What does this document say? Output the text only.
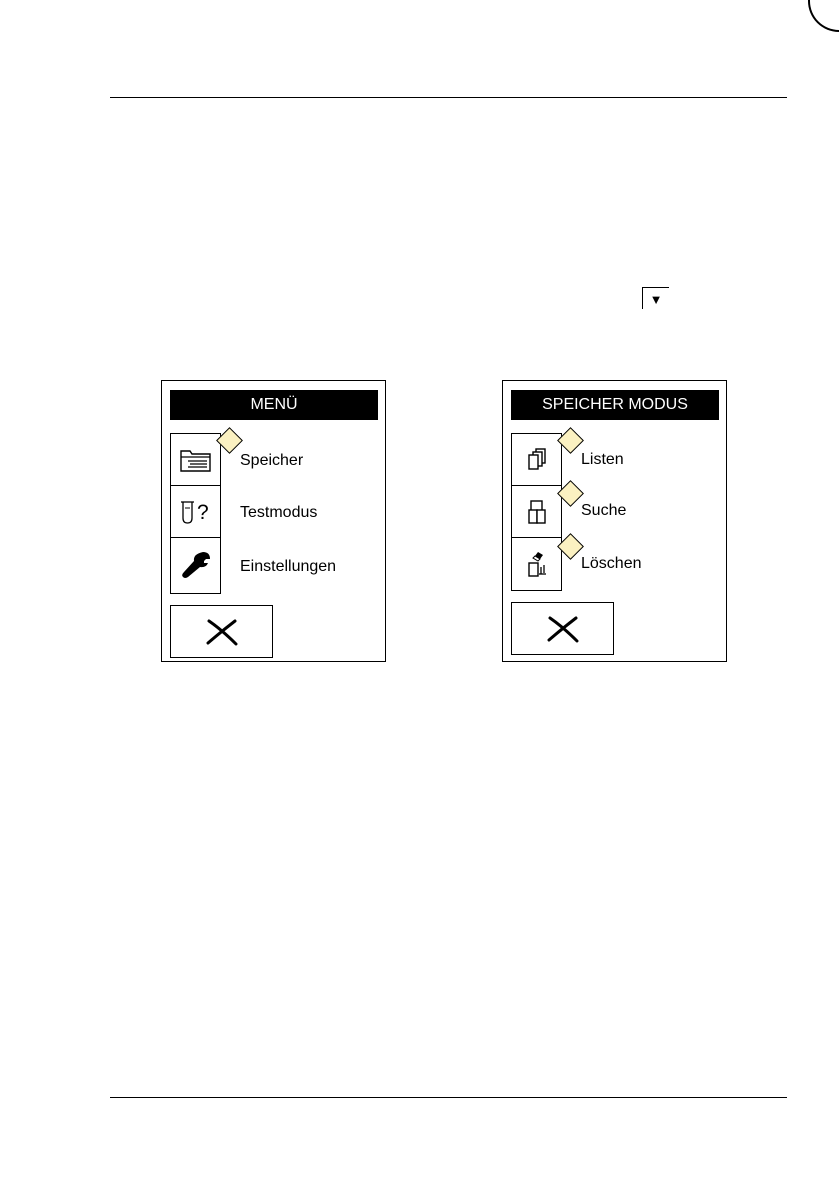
▼
MENÜ
?
Speicher
Testmodus
Einstellungen
SPEICHER MODUS
Listen
Suche
Löschen
